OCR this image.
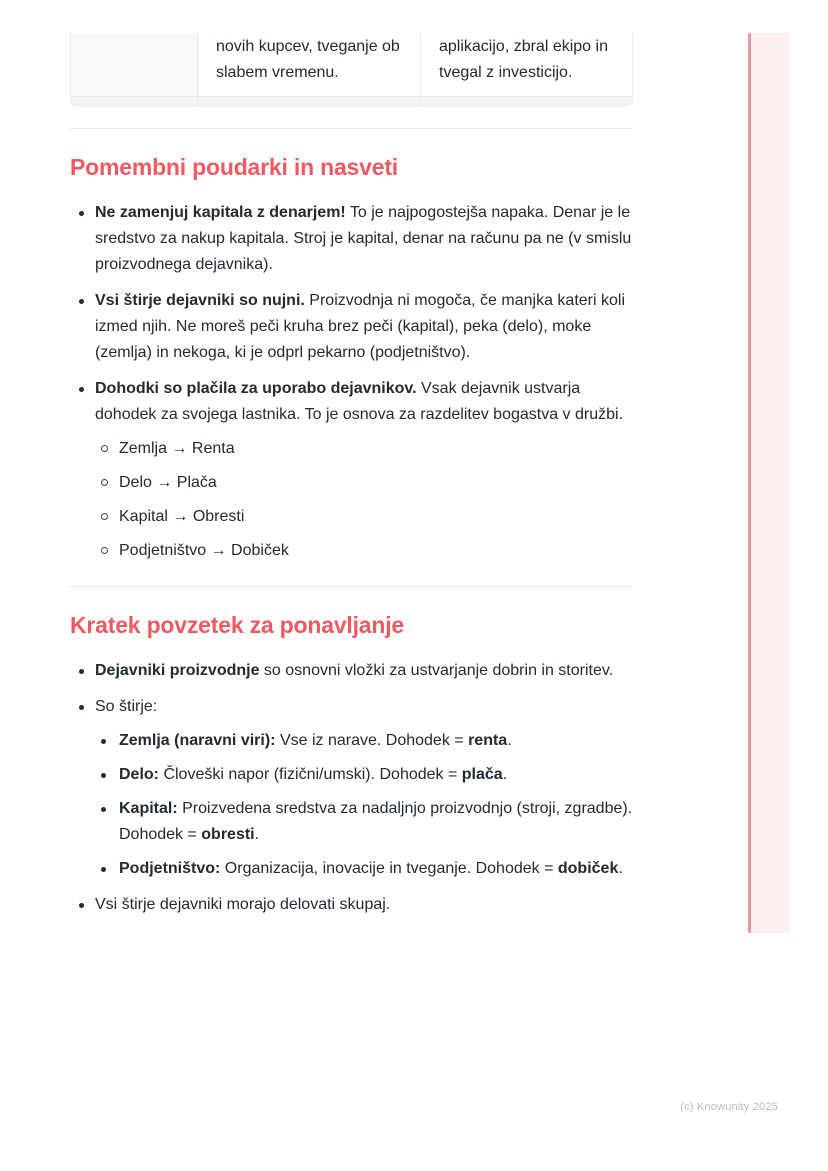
novih kupcev, tveganje ob slabem vremenu.
aplikacijo, zbral ekipo in tvegal z investicijo.
Pomembni poudarki in nasveti
Ne zamenjuj kapitala z denarjem! To je najpogostejša napaka. Denar je le sredstvo za nakup kapitala. Stroj je kapital, denar na računu pa ne (v smislu proizvodnega dejavnika).
Vsi štirje dejavniki so nujni. Proizvodnja ni mogoča, če manjka kateri koli izmed njih. Ne moreš peči kruha brez peči (kapital), peka (delo), moke (zemlja) in nekoga, ki je odprl pekarno (podjetništvo).
Dohodki so plačila za uporabo dejavnikov. Vsak dejavnik ustvarja dohodek za svojega lastnika. To je osnova za razdelitev bogastva v družbi.
Zemlja → Renta
Delo → Plača
Kapital → Obresti
Podjetništvo → Dobiček
Kratek povzetek za ponavljanje
Dejavniki proizvodnje so osnovni vložki za ustvarjanje dobrin in storitev.
So štirje:
Zemlja (naravni viri): Vse iz narave. Dohodek = renta.
Delo: Človeški napor (fizični/umski). Dohodek = plača.
Kapital: Proizvedena sredstva za nadaljnjo proizvodnjo (stroji, zgradbe). Dohodek = obresti.
Podjetništvo: Organizacija, inovacije in tveganje. Dohodek = dobiček.
Vsi štirje dejavniki morajo delovati skupaj.
(c) Knowunity 2025
